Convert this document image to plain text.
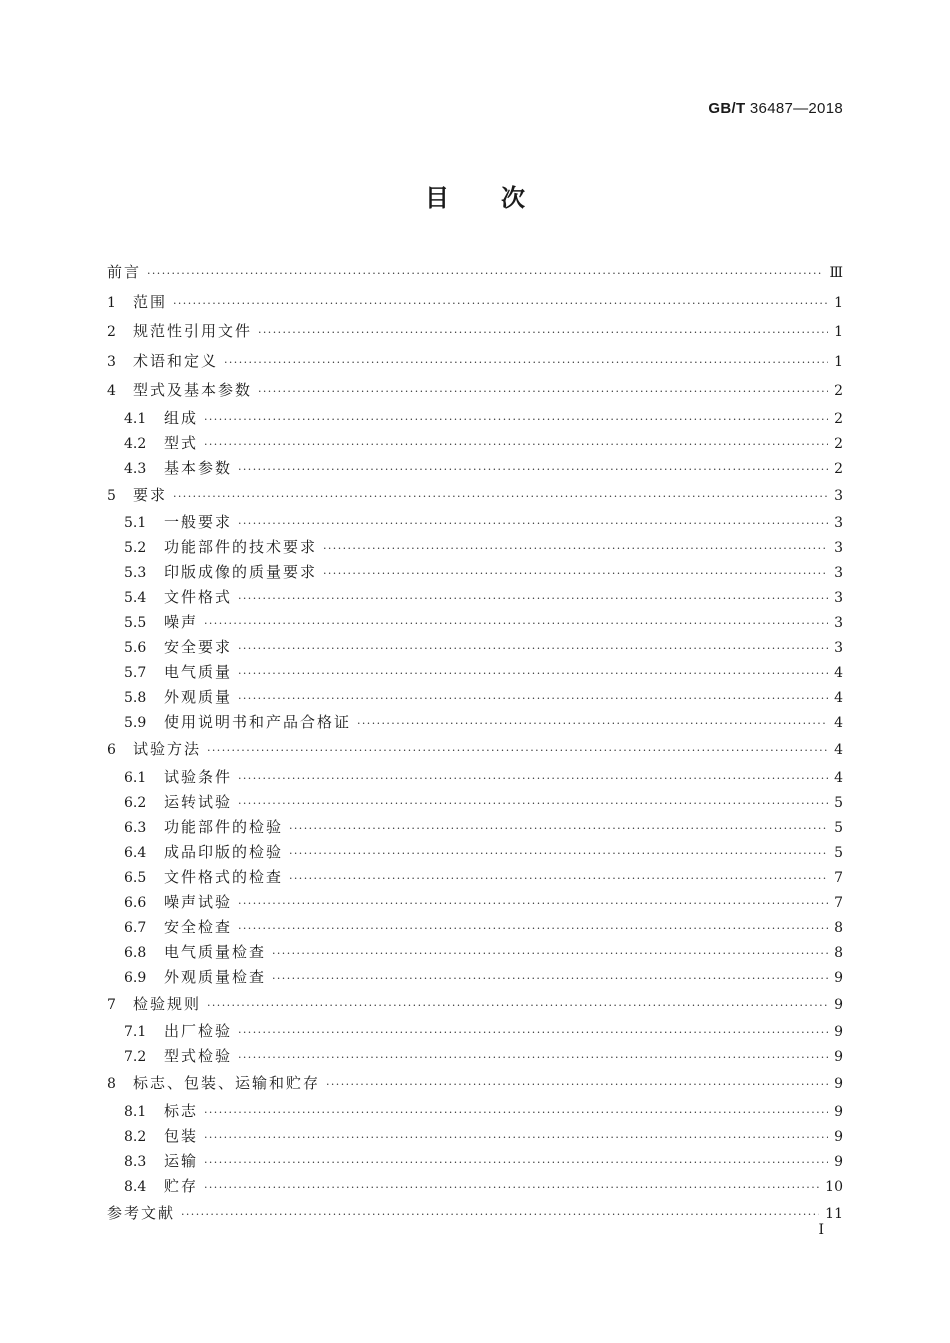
GB/T 36487—2018
目 次
前言 ·····	Ⅲ
1	范围 ·····	1
2	规范性引用文件 ·····	1
3	术语和定义 ·····	1
4	型式及基本参数 ·····	2
4.1	组成 ·····	2
4.2	型式 ·····	2
4.3	基本参数 ·····	2
5	要求 ·····	3
5.1	一般要求 ·····	3
5.2	功能部件的技术要求 ·····	3
5.3	印版成像的质量要求 ·····	3
5.4	文件格式 ·····	3
5.5	噪声 ·····	3
5.6	安全要求 ·····	3
5.7	电气质量 ·····	4
5.8	外观质量 ·····	4
5.9	使用说明书和产品合格证 ·····	4
6	试验方法 ·····	4
6.1	试验条件 ·····	4
6.2	运转试验 ·····	5
6.3	功能部件的检验 ·····	5
6.4	成品印版的检验 ·····	5
6.5	文件格式的检查 ·····	7
6.6	噪声试验 ·····	7
6.7	安全检查 ·····	8
6.8	电气质量检查 ·····	8
6.9	外观质量检查 ·····	9
7	检验规则 ·····	9
7.1	出厂检验 ·····	9
7.2	型式检验 ·····	9
8	标志、包装、运输和贮存 ·····	9
8.1	标志 ·····	9
8.2	包装 ·····	9
8.3	运输 ·····	9
8.4	贮存 ·····	10
参考文献 ·····	11
Ⅰ
